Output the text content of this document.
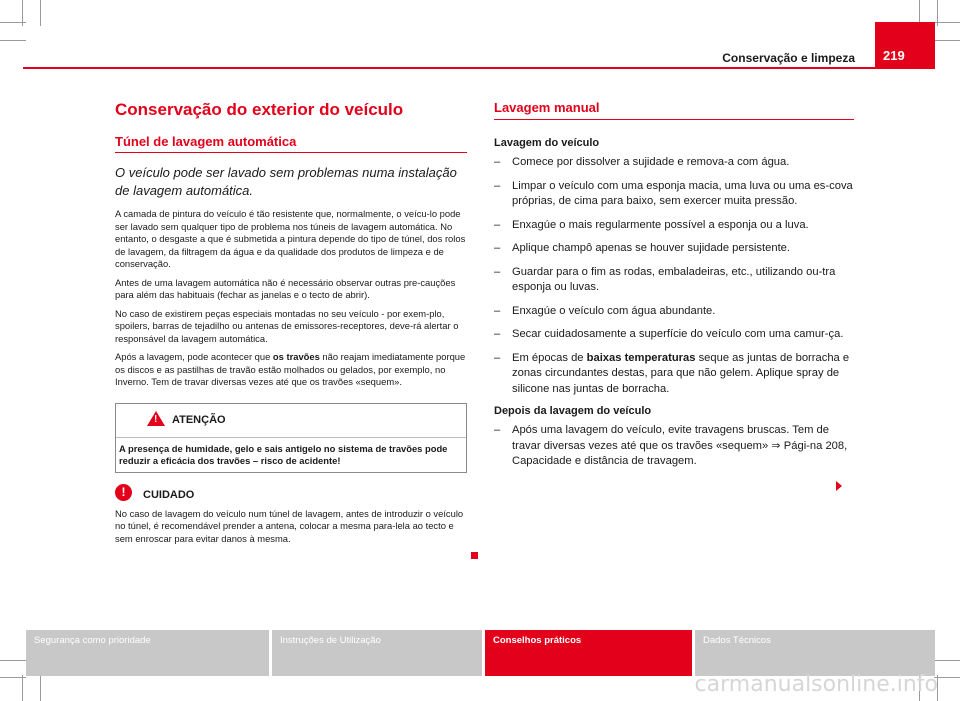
Conservação e limpeza 219
Conservação do exterior do veículo
Túnel de lavagem automática

O veículo pode ser lavado sem problemas numa instalação de lavagem automática.

A camada de pintura do veículo é tão resistente que, normalmente, o veícu-lo pode ser lavado sem qualquer tipo de problema nos túneis de lavagem automática. No entanto, o desgaste a que é submetida a pintura depende do tipo de túnel, dos rolos de lavagem, da filtragem da água e da qualidade dos produtos de limpeza e de conservação.

Antes de uma lavagem automática não é necessário observar outras pre-cauções para além das habituais (fechar as janelas e o tecto de abrir).

No caso de existirem peças especiais montadas no seu veículo - por exem-plo, spoilers, barras de tejadilho ou antenas de emissores-receptores, deve-rá alertar o responsável da lavagem automática.

Após a lavagem, pode acontecer que os travões não reajam imediatamente porque os discos e as pastilhas de travão estão molhados ou gelados, por exemplo, no Inverno. Tem de travar diversas vezes até que os travões «sequem».

! ATENÇÃO
A presença de humidade, gelo e sais antigelo no sistema de travões pode reduzir a eficácia dos travões – risco de acidente!
!	CUIDADO
No caso de lavagem do veículo num túnel de lavagem, antes de introduzir o veículo no túnel, é recomendável prender a antena, colocar a mesma para-lela ao tecto e sem enroscar para evitar danos à mesma.
Lavagem manual
Lavagem do veículo
– Comece por dissolver a sujidade e remova-a com água.
– Limpar o veículo com uma esponja macia, uma luva ou uma es-cova próprias, de cima para baixo, sem exercer muita pressão.
– Enxagúe o mais regularmente possível a esponja ou a luva.
– Aplique champô apenas se houver sujidade persistente.
– Guardar para o fim as rodas, embaladeiras, etc., utilizando ou-tra esponja ou luvas.
– Enxagúe o veículo com água abundante.
– Secar cuidadosamente a superfície do veículo com uma camur-ça.
– Em épocas de baixas temperaturas seque as juntas de borracha e zonas circundantes destas, para que não gelem. Aplique spray de silicone nas juntas de borracha.
Depois da lavagem do veículo
– Após uma lavagem do veículo, evite travagens bruscas. Tem de travar diversas vezes até que os travões «sequem» ⇒ Pági-na 208, Capacidade e distância de travagem.
Segurança como prioridade	Instruções de Utilização	Conselhos práticos	Dados Técnicos
carmanualsonline.info
